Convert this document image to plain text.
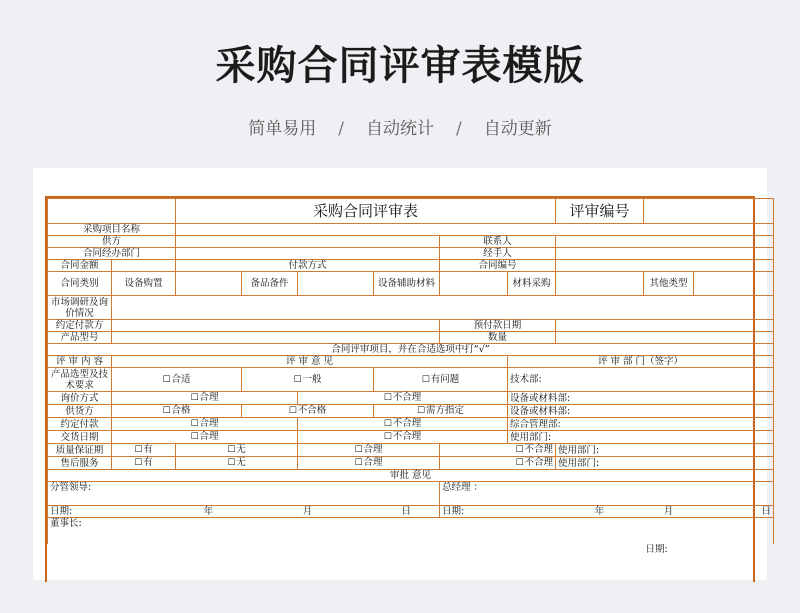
采购合同评审表模版
简单易用 / 自动统计 / 自动更新
		采购合同评审表						评审编号		
采购项目名称										
供方						联系人				
合同经办部门						经手人				
合同金额		付款方式				合同编号				
合同类别	设备购置		备品备件		设备辅助材料		材料采购		其他类型	
市场调研及询价情况										
约定付款方						预付款日期				
产品型号						数量				
合同评审项目，并在合适选项中打“√”										
评 审 内 容	评 审 意 见						评 审 部 门（签字）			
产品选型及技术要求	☐ 合适		☐ 一般		☐ 有问题		技术部:			
询价方式	☐ 合理			☐ 不合理			设备或材料部:			
供货方	☐ 合格		☐ 不合格		☐ 需方指定		设备或材料部:			
约定付款	☐ 合理			☐ 不合理			综合管理部:			
交货日期	☐ 合理			☐ 不合理			使用部门:			
质量保证期	☐ 有	☐ 无		☐ 合理		☐ 不合理		使用部门:		
售后服务	☐ 有	☐ 无		☐ 合理		☐ 不合理		使用部门:		
审批 意见										
分管领导:						总经理 ：				
日期:		年	月		日	日期:		年	月	日
董事长:										
									日期:	
